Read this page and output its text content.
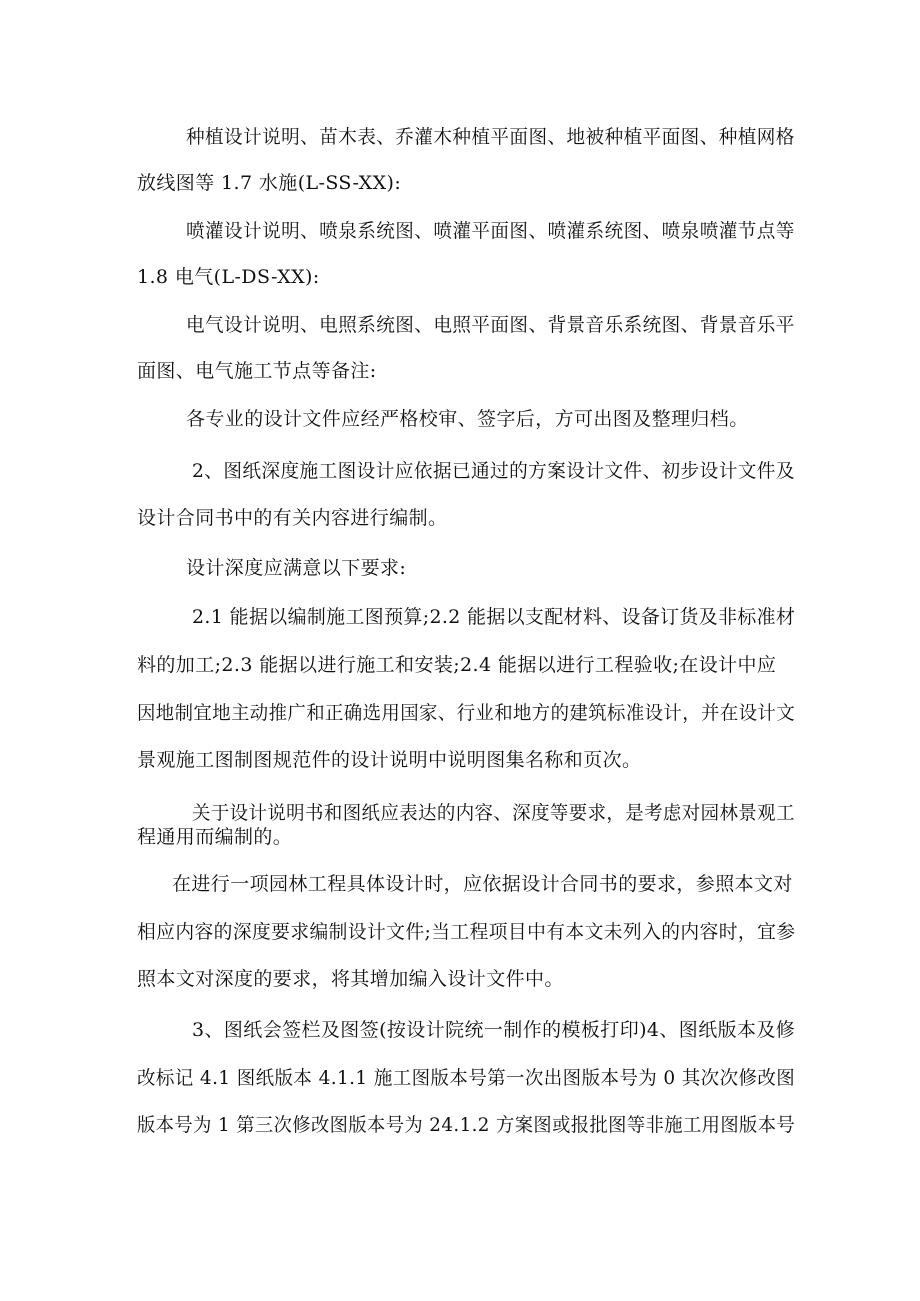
种植设计说明、苗木表、乔灌木种植平面图、地被种植平面图、种植网格
放线图等 1.7 水施(L-SS-XX):
喷灌设计说明、喷泉系统图、喷灌平面图、喷灌系统图、喷泉喷灌节点等
1.8 电气(L-DS-XX):
电气设计说明、电照系统图、电照平面图、背景音乐系统图、背景音乐平
面图、电气施工节点等备注:
各专业的设计文件应经严格校审、签字后，方可出图及整理归档。
2、图纸深度施工图设计应依据已通过的方案设计文件、初步设计文件及
设计合同书中的有关内容进行编制。
设计深度应满意以下要求:
2.1 能据以编制施工图预算;2.2 能据以支配材料、设备订货及非标准材
料的加工;2.3 能据以进行施工和安装;2.4 能据以进行工程验收;在设计中应
因地制宜地主动推广和正确选用国家、行业和地方的建筑标准设计，并在设计文
景观施工图制图规范件的设计说明中说明图集名称和页次。
关于设计说明书和图纸应表达的内容、深度等要求，是考虑对园林景观工
程通用而编制的。
在进行一项园林工程具体设计时，应依据设计合同书的要求，参照本文对
相应内容的深度要求编制设计文件;当工程项目中有本文未列入的内容时，宜参
照本文对深度的要求，将其增加编入设计文件中。
3、图纸会签栏及图签(按设计院统一制作的模板打印)4、图纸版本及修
改标记 4.1 图纸版本 4.1.1 施工图版本号第一次出图版本号为 0 其次次修改图
版本号为 1 第三次修改图版本号为 24.1.2 方案图或报批图等非施工用图版本号
